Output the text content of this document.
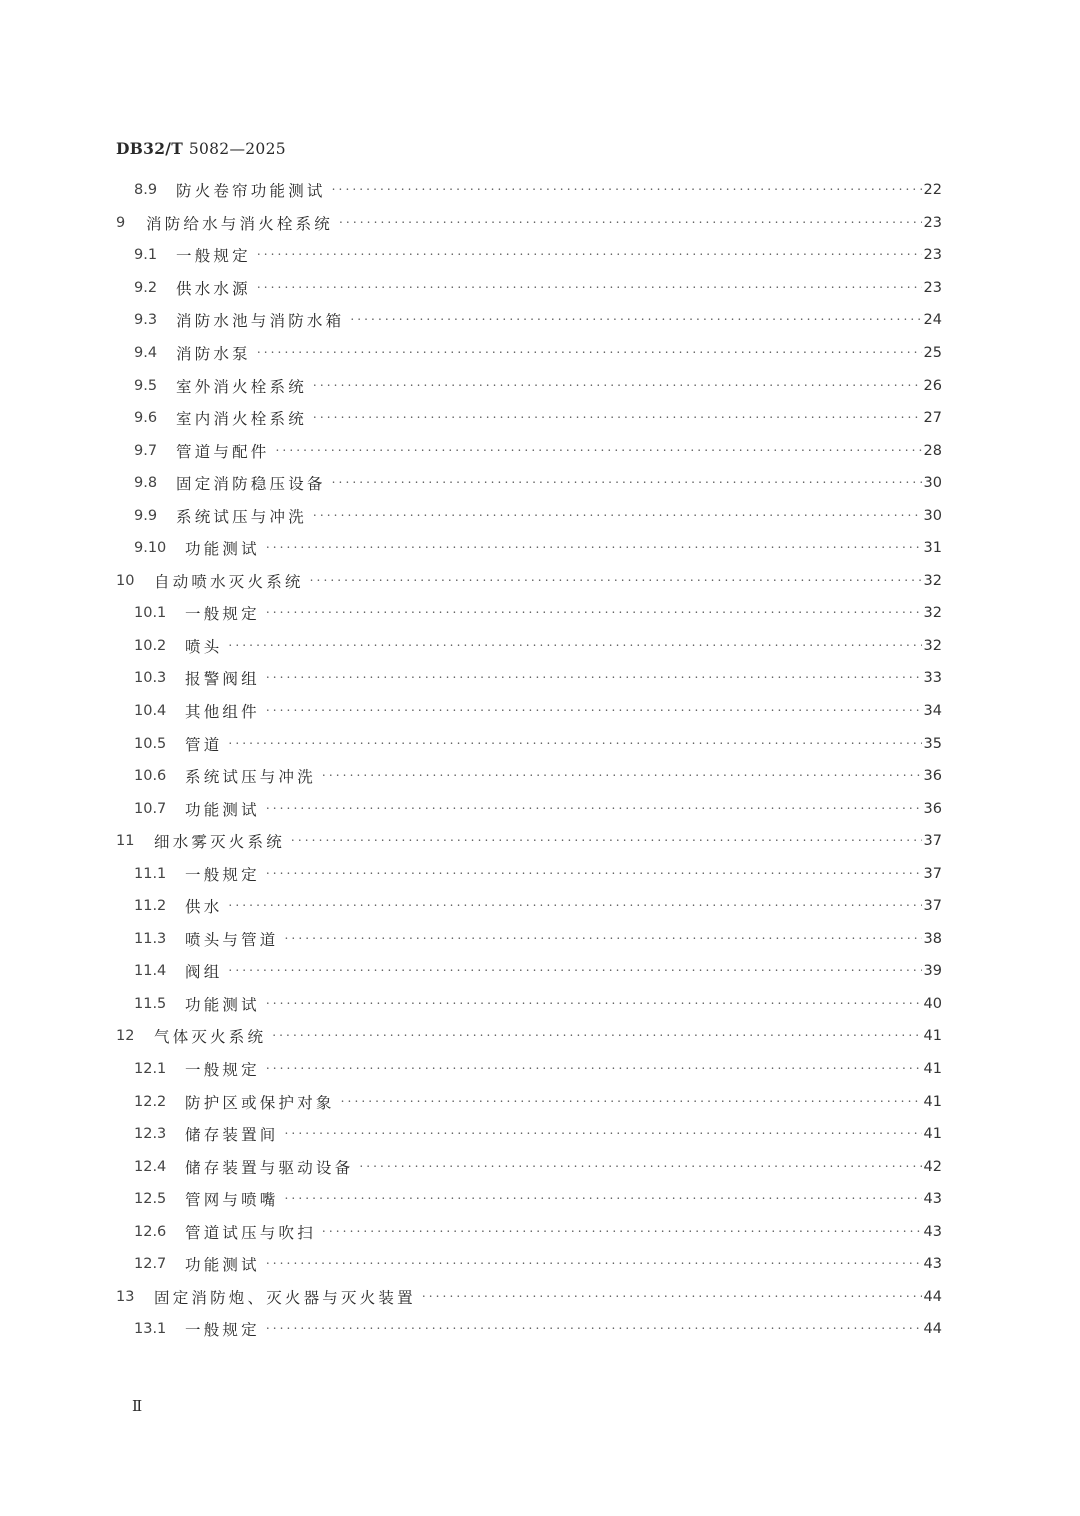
DB32/T 5082—2025
8.9	防火卷帘功能测试 .....	22
9	消防给水与消火栓系统 .....	23
9.1	一般规定 .....	23
9.2	供水水源 .....	23
9.3	消防水池与消防水箱 .....	24
9.4	消防水泵 .....	25
9.5	室外消火栓系统 .....	26
9.6	室内消火栓系统 .....	27
9.7	管道与配件 .....	28
9.8	固定消防稳压设备 .....	30
9.9	系统试压与冲洗 .....	30
9.10	功能测试 .....	31
10	自动喷水灭火系统 .....	32
10.1	一般规定 .....	32
10.2	喷头 .....	32
10.3	报警阀组 .....	33
10.4	其他组件 .....	34
10.5	管道 .....	35
10.6	系统试压与冲洗 .....	36
10.7	功能测试 .....	36
11	细水雾灭火系统 .....	37
11.1	一般规定 .....	37
11.2	供水 .....	37
11.3	喷头与管道 .....	38
11.4	阀组 .....	39
11.5	功能测试 .....	40
12	气体灭火系统 .....	41
12.1	一般规定 .....	41
12.2	防护区或保护对象 .....	41
12.3	储存装置间 .....	41
12.4	储存装置与驱动设备 .....	42
12.5	管网与喷嘴 .....	43
12.6	管道试压与吹扫 .....	43
12.7	功能测试 .....	43
13	固定消防炮、灭火器与灭火装置 .....	44
13.1	一般规定 .....	44
Ⅱ
